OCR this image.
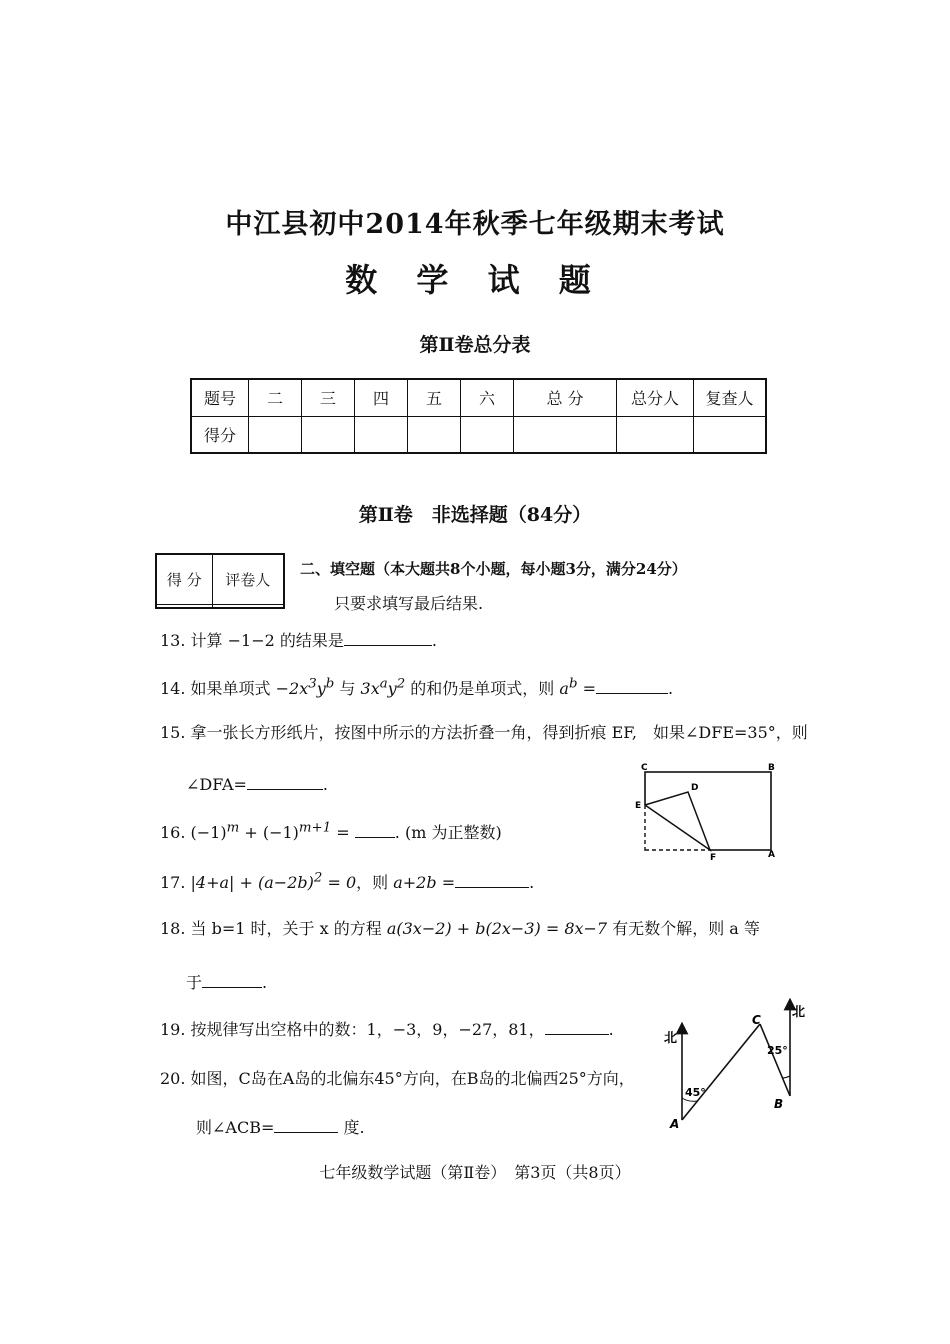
中江县初中2014年秋季七年级期末考试
数 学 试 题
第Ⅱ卷总分表
题号	二	三	四	五	六	总 分	总分人	复查人
得分								
第Ⅱ卷　非选择题（84分）
得 分	评卷人

二、填空题（本大题共8个小题，每小题3分，满分24分）
只要求填写最后结果.
13. 计算 −1−2 的结果是	.
14. 如果单项式 $-2x^3y^b$ 与 $3x^ay^2$ 的和仍是单项式，则 $a^b$ =	.
15. 拿一张长方形纸片，按图中所示的方法折叠一角，得到折痕 EF,　如果∠DFE=35°，则
∠DFA=	.
C	B
E
D
F	A
16. $(-1)^m + (-1)^{m+1}$ =	. (m 为正整数)
17. $|4+a| + (a-2b)^2 = 0$，则 a+2b =	.
18. 当 b=1 时，关于 x 的方程 a(3x−2) + b(2x−3) = 8x−7 有无数个解，则 a 等
于	.
19. 按规律写出空格中的数：1，−3，9，−27，81，	.
20. 如图，C岛在A岛的北偏东45°方向，在B岛的北偏西25°方向，
则∠ACB=	度.
北
北
45°
25°
A
B
C
七年级数学试题（第Ⅱ卷）　第3页（共8页）
